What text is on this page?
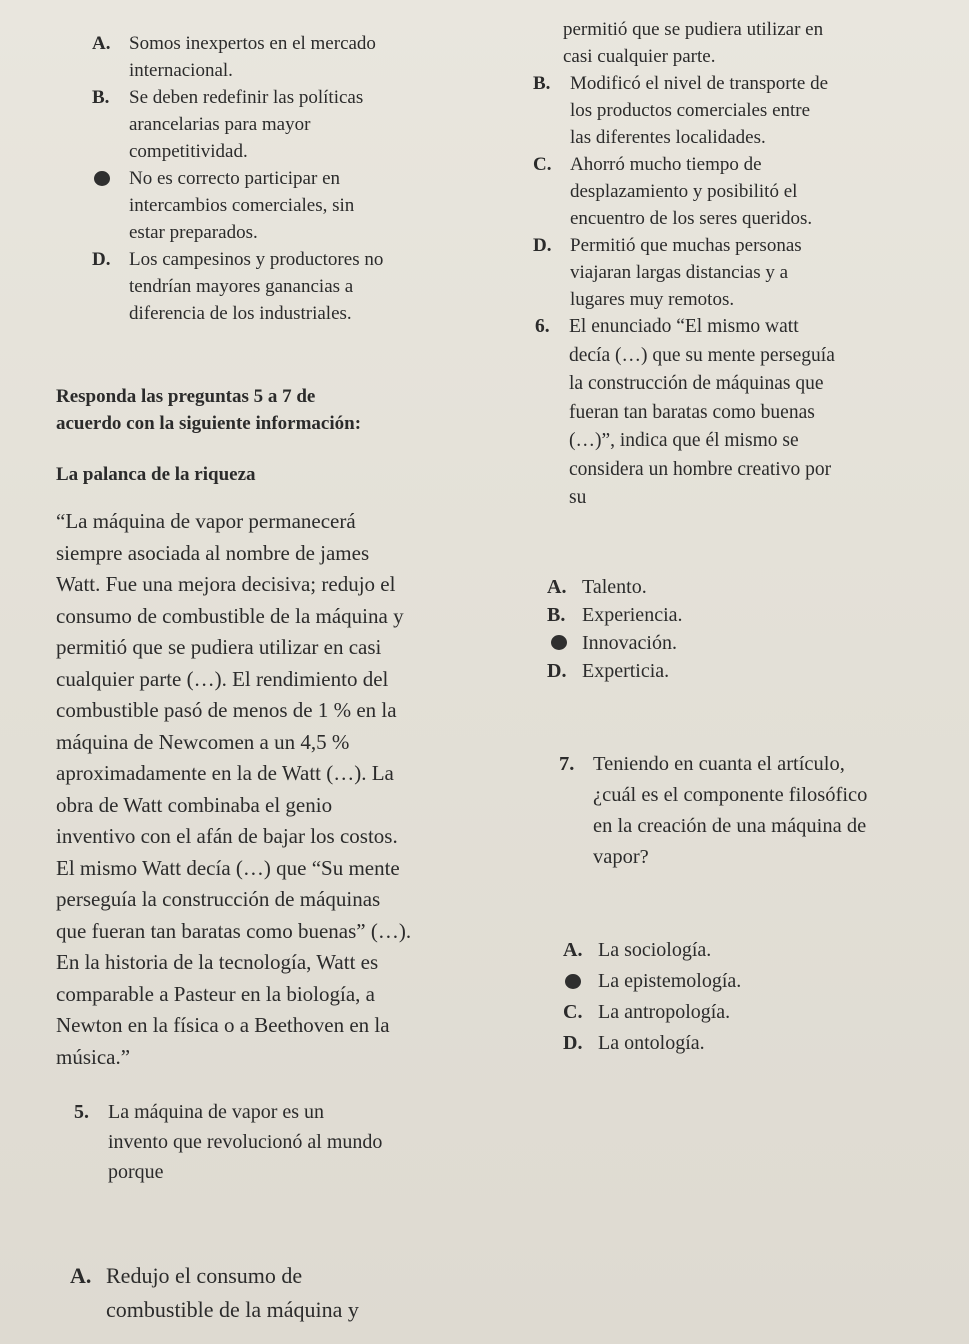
A. Somos inexpertos en el mercado
internacional.
B. Se deben redefinir las políticas
arancelarias para mayor
competitividad.
No es correcto participar en
intercambios comerciales, sin
estar preparados.
D. Los campesinos y productores no
tendrían mayores ganancias a
diferencia de los industriales.
Responda las preguntas 5 a 7 de
acuerdo con la siguiente información:
La palanca de la riqueza
“La máquina de vapor permanecerá
siempre asociada al nombre de james
Watt. Fue una mejora decisiva; redujo el
consumo de combustible de la máquina y
permitió que se pudiera utilizar en casi
cualquier parte (…). El rendimiento del
combustible pasó de menos de 1 % en la
máquina de Newcomen a un 4,5 %
aproximadamente en la de Watt (…). La
obra de Watt combinaba el genio
inventivo con el afán de bajar los costos.
El mismo Watt decía (…) que “Su mente
perseguía la construcción de máquinas
que fueran tan baratas como buenas” (…).
En la historia de la tecnología, Watt es
comparable a Pasteur en la biología, a
Newton en la física o a Beethoven en la
música.”
5. La máquina de vapor es un
invento que revolucionó al mundo
porque
A. Redujo el consumo de
combustible de la máquina y
permitió que se pudiera utilizar en
casi cualquier parte.
B. Modificó el nivel de transporte de
los productos comerciales entre
las diferentes localidades.
C. Ahorró mucho tiempo de
desplazamiento y posibilitó el
encuentro de los seres queridos.
D. Permitió que muchas personas
viajaran largas distancias y a
lugares muy remotos.
6. El enunciado “El mismo watt
decía (…) que su mente perseguía
la construcción de máquinas que
fueran tan baratas como buenas
(…)”, indica que él mismo se
considera un hombre creativo por
su
A. Talento.
B. Experiencia.
Innovación.
D. Experticia.
7. Teniendo en cuanta el artículo,
¿cuál es el componente filosófico
en la creación de una máquina de
vapor?
A. La sociología.
La epistemología.
C. La antropología.
D. La ontología.
